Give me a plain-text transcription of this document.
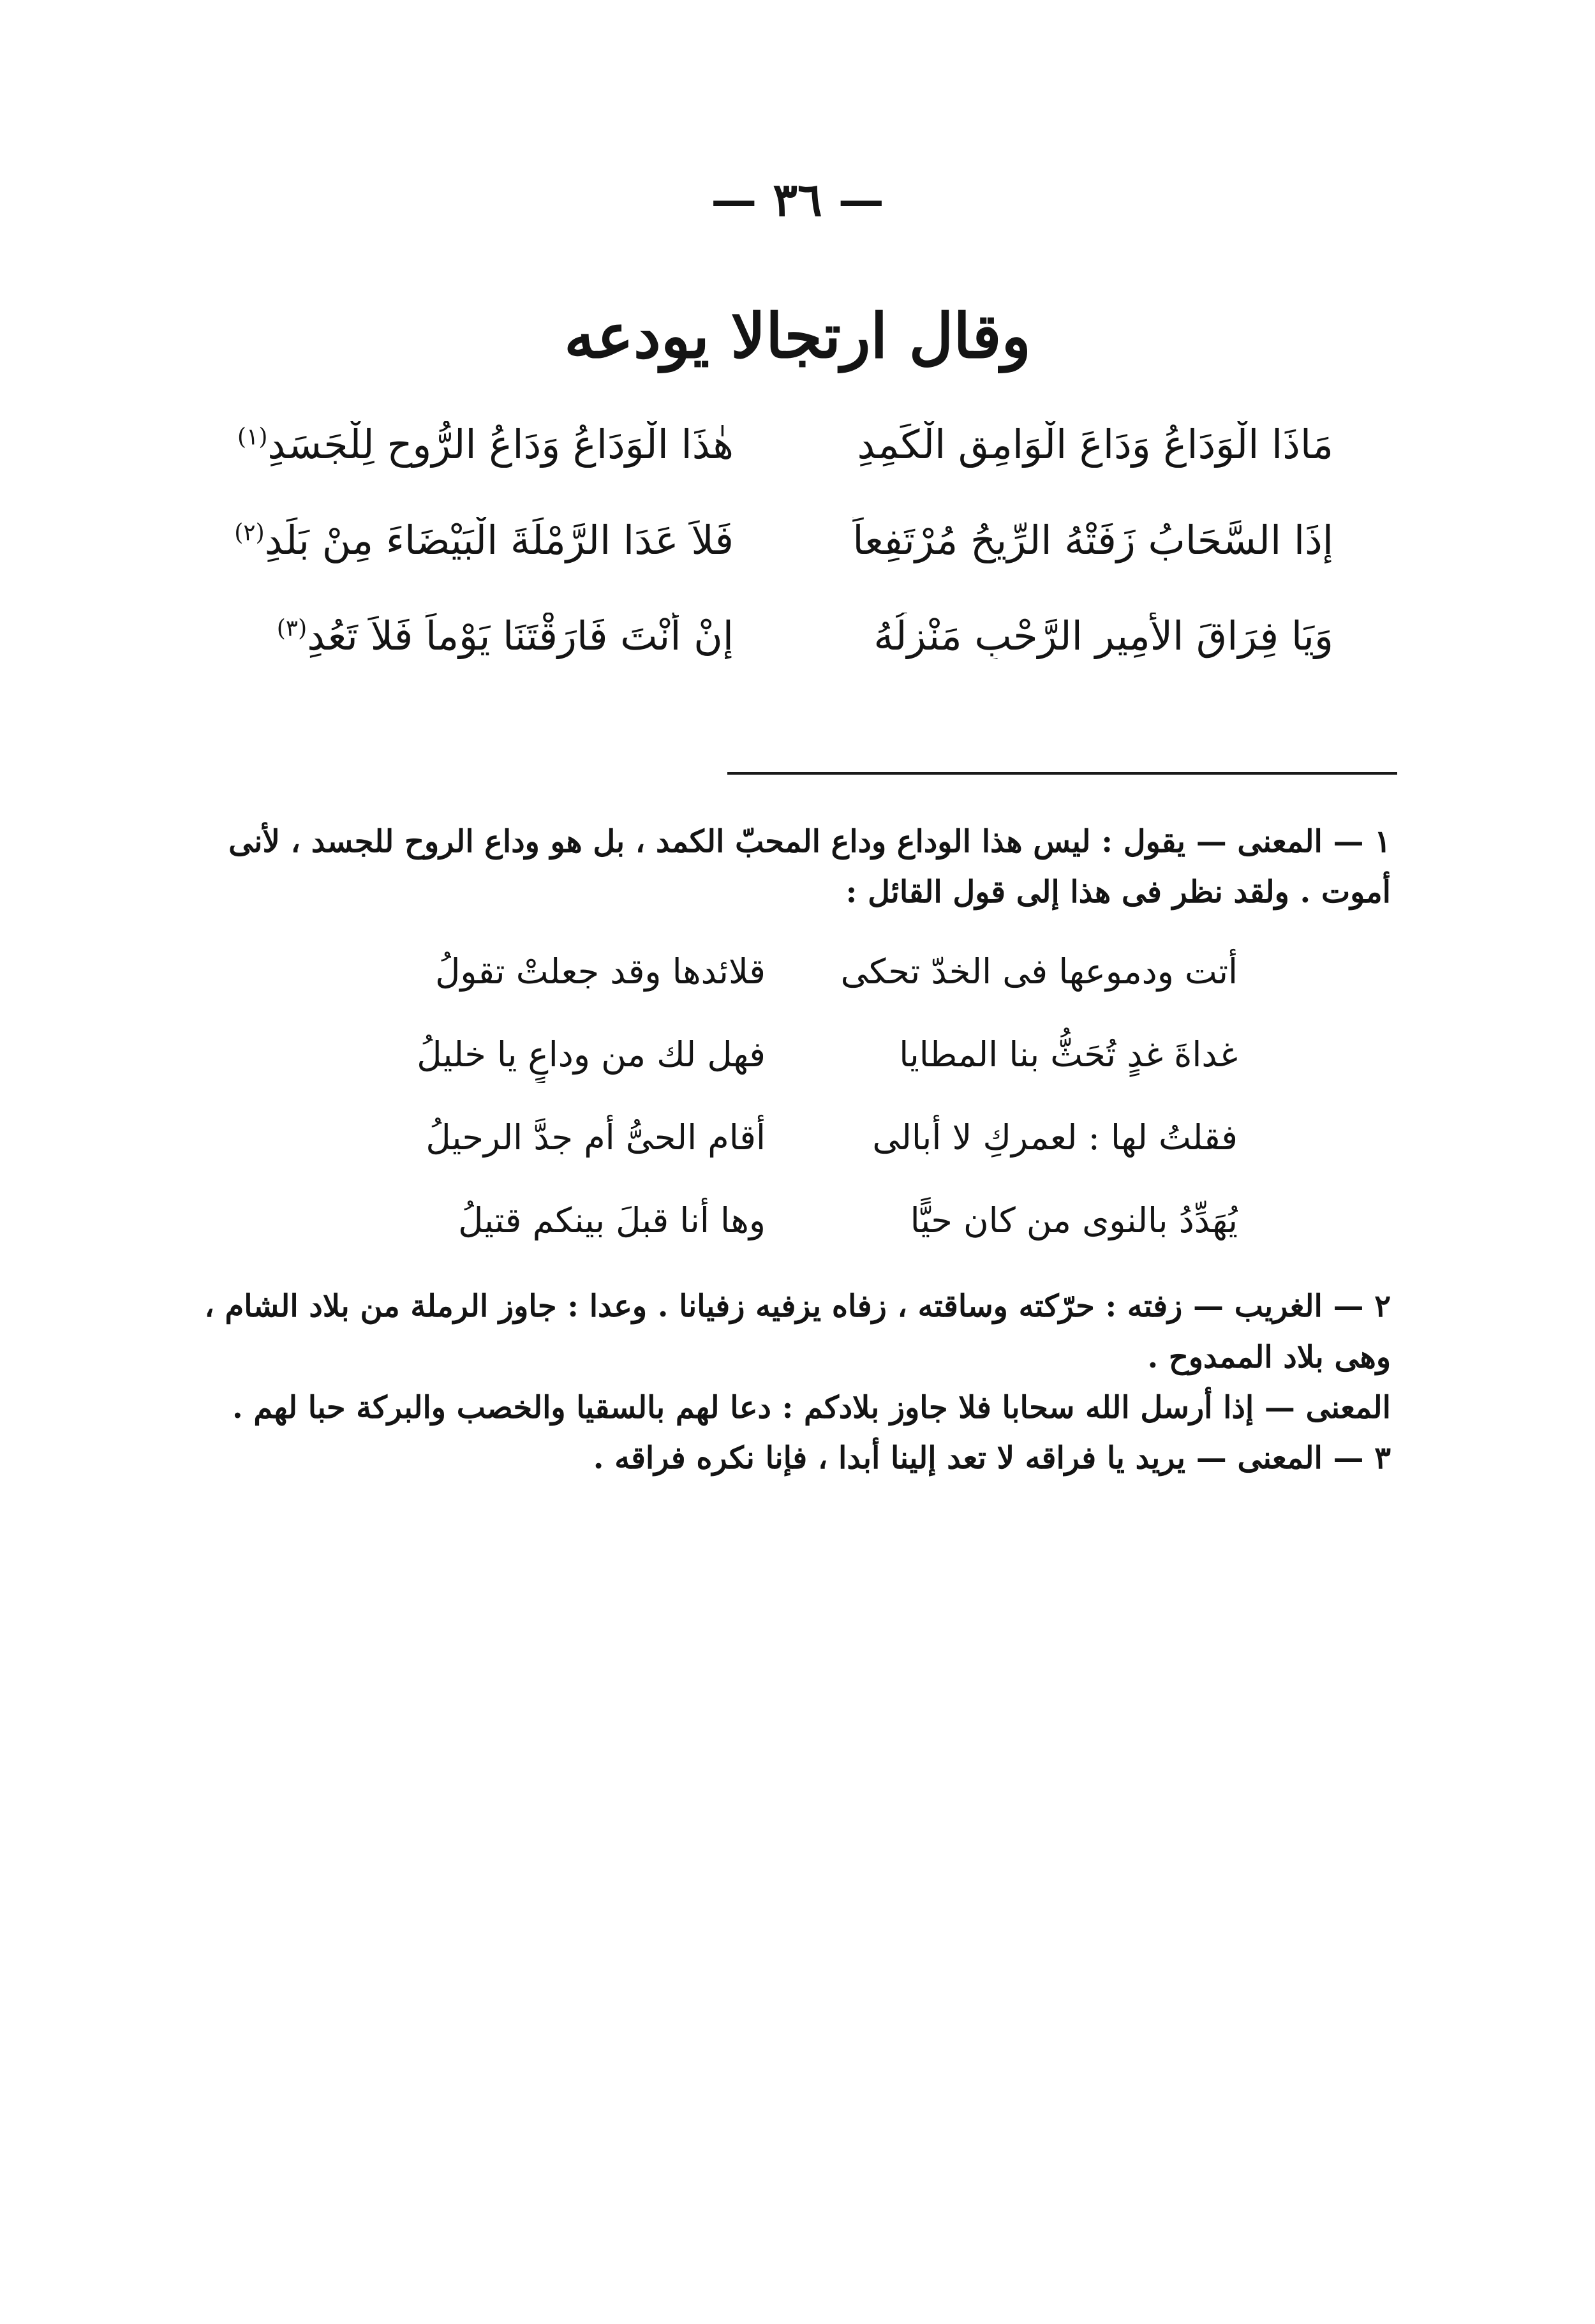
— ٣٦ —
وقال ارتجالا يودعه
مَاذَا الْوَدَاعُ وَدَاعَ الْوَامِقِ الْكَمِدِ
هٰذَا الْوَدَاعُ وَدَاعُ الرُّوحِ لِلْجَسَدِ$^{(١)}$
إِذَا السَّحَابُ زَفَتْهُ الرِّيحُ مُرْتَفِعاً
فَلاَ عَدَا الرَّمْلَةَ الْبَيْضَاءَ مِنْ بَلَدِ$^{(٢)}$
وَيَا فِرَاقَ الأَمِيرِ الرَّحْبِ مَنْزِلُهُ
إِنْ أَنْتَ فَارَقْتَنَا يَوْماً فَلاَ تَعُدِ$^{(٣)}$

١ — المعنى — يقول : ليس هذا الوداع وداع المحبّ الكمد ، بل هو وداع الروح للجسد ، لأنى أموت . ولقد نظر فى هذا إلى قول القائل :

أتت ودموعها فى الخدّ تحكى
قلائدها وقد جعلتْ تقولُ
غداةَ غدٍ تُحَثُّ بنا المطايا
فهل لك من وداعٍ يا خليلُ
فقلتُ لها : لعمركِ لا أبالى
أقام الحىُّ أم جدَّ الرحيلُ
يُهَدِّدُ بالنوى من كان حيًّا
وها أنا قبلَ بينكم قتيلُ

٢ — الغريب — زفته : حرّكته وساقته ، زفاه يزفيه زفيانا . وعدا : جاوز الرملة من بلاد الشام ، وهى بلاد الممدوح .

المعنى — إذا أرسل الله سحابا فلا جاوز بلادكم : دعا لهم بالسقيا والخصب والبركة حبا لهم .

٣ — المعنى — يريد يا فراقه لا تعد إلينا أبدا ، فإنا نكره فراقه .
